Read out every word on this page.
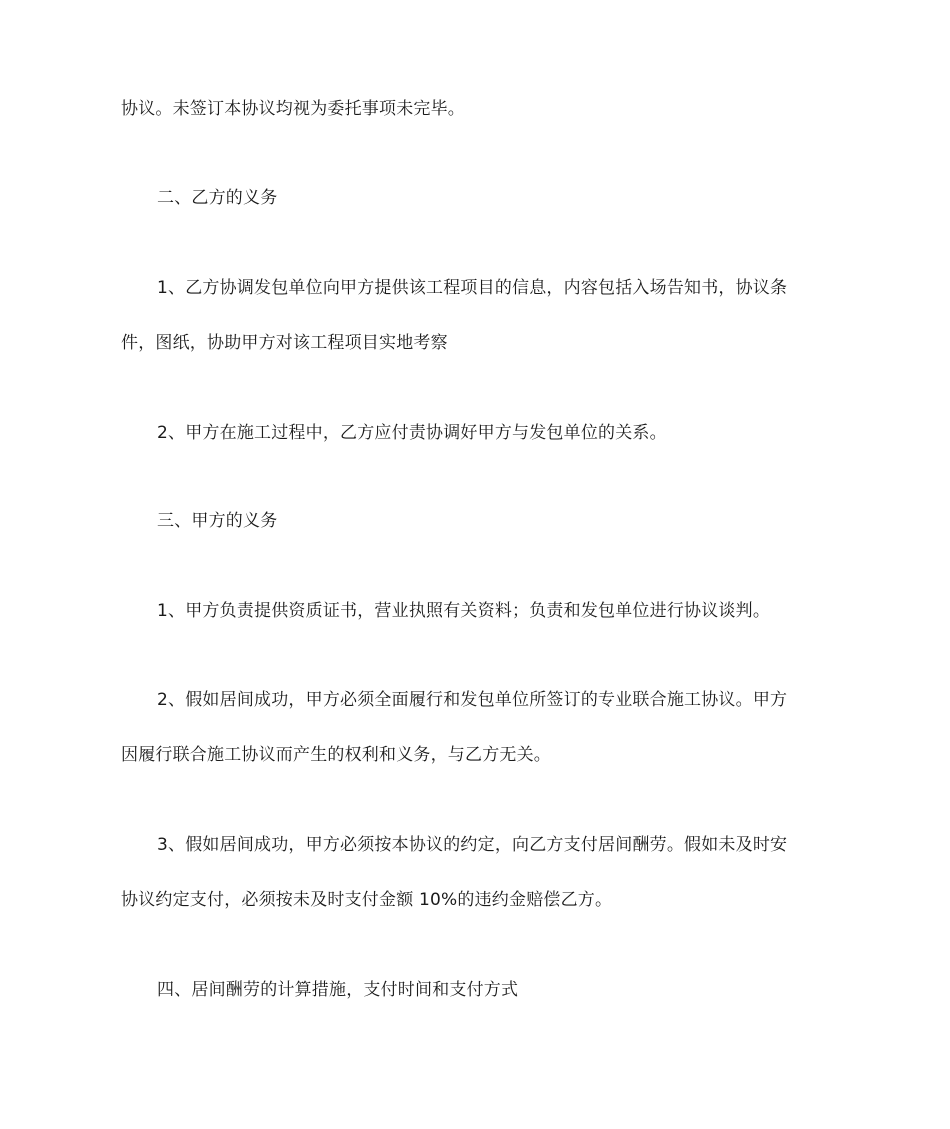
协议。未签订本协议均视为委托事项未完毕。
二、乙方的义务
1、乙方协调发包单位向甲方提供该工程项目的信息，内容包括入场告知书，协议条
件，图纸，协助甲方对该工程项目实地考察
2、甲方在施工过程中，乙方应付责协调好甲方与发包单位的关系。
三、甲方的义务
1、甲方负责提供资质证书，营业执照有关资料；负责和发包单位进行协议谈判。
2、假如居间成功，甲方必须全面履行和发包单位所签订的专业联合施工协议。甲方
因履行联合施工协议而产生的权利和义务，与乙方无关。
3、假如居间成功，甲方必须按本协议的约定，向乙方支付居间酬劳。假如未及时安
协议约定支付，必须按未及时支付金额 10%的违约金赔偿乙方。
四、居间酬劳的计算措施，支付时间和支付方式
